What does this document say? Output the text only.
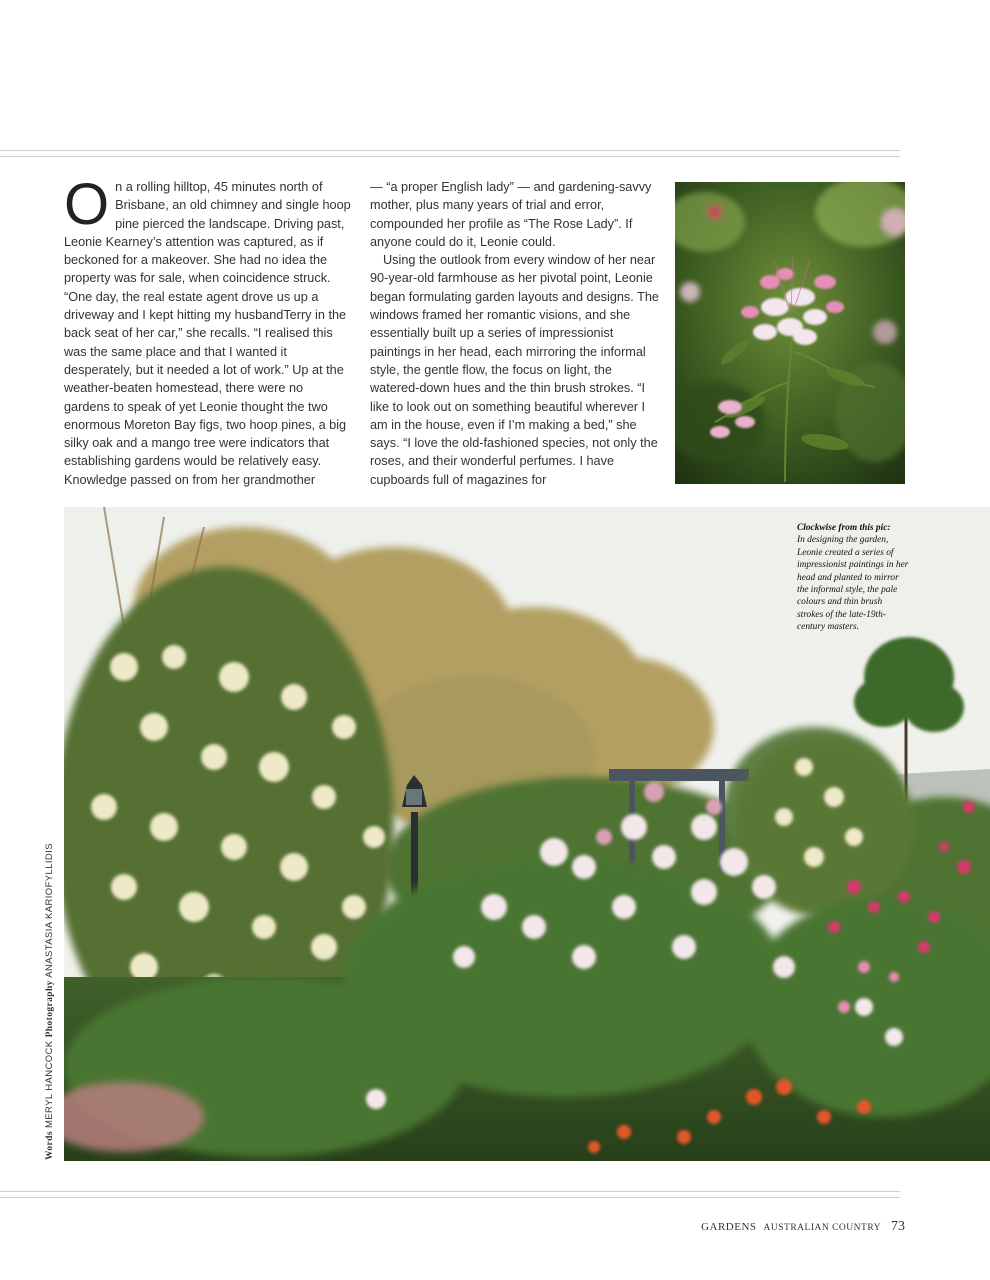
O n a rolling hilltop, 45 minutes north of Brisbane, an old chimney and single hoop pine pierced the landscape. Driving past, Leonie Kearney’s attention was captured, as if beckoned for a makeover. She had no idea the property was for sale, when coincidence struck. “One day, the real estate agent drove us up a driveway and I kept hitting my husbandTerry in the back seat of her car,” she recalls. “I realised this was the same place and that I wanted it desperately, but it needed a lot of work.” Up at the weather-beaten homestead, there were no gardens to speak of yet Leonie thought the two enormous Moreton Bay figs, two hoop pines, a big silky oak and a mango tree were indicators that establishing gardens would be relatively easy. Knowledge passed on from her grandmother

— “a proper English lady” — and gardening-savvy mother, plus many years of trial and error, compounded her profile as “The Rose Lady”. If anyone could do it, Leonie could.

Using the outlook from every window of her near 90-year-old farmhouse as her pivotal point, Leonie began formulating garden layouts and designs. The windows framed her romantic visions, and she essentially built up a series of impressionist paintings in her head, each mirroring the informal style, the gentle flow, the focus on light, the watered-down hues and the thin brush strokes. “I like to look out on something beautiful wherever I am in the house, even if I’m making a bed,” she says. “I love the old-fashioned species, not only the roses, and their wonderful perfumes. I have cupboards full of magazines for

Clockwise from this pic:
In designing the garden, Leonie created a series of impressionist paintings in her head and planted to mirror the informal style, the pale colours and thin brush strokes of the late-19th-century masters.
Words MERYL HANCOCK Photography ANASTASIA KARIOFYLLIDIS
GARDENS AUSTRALIAN COUNTRY 73
